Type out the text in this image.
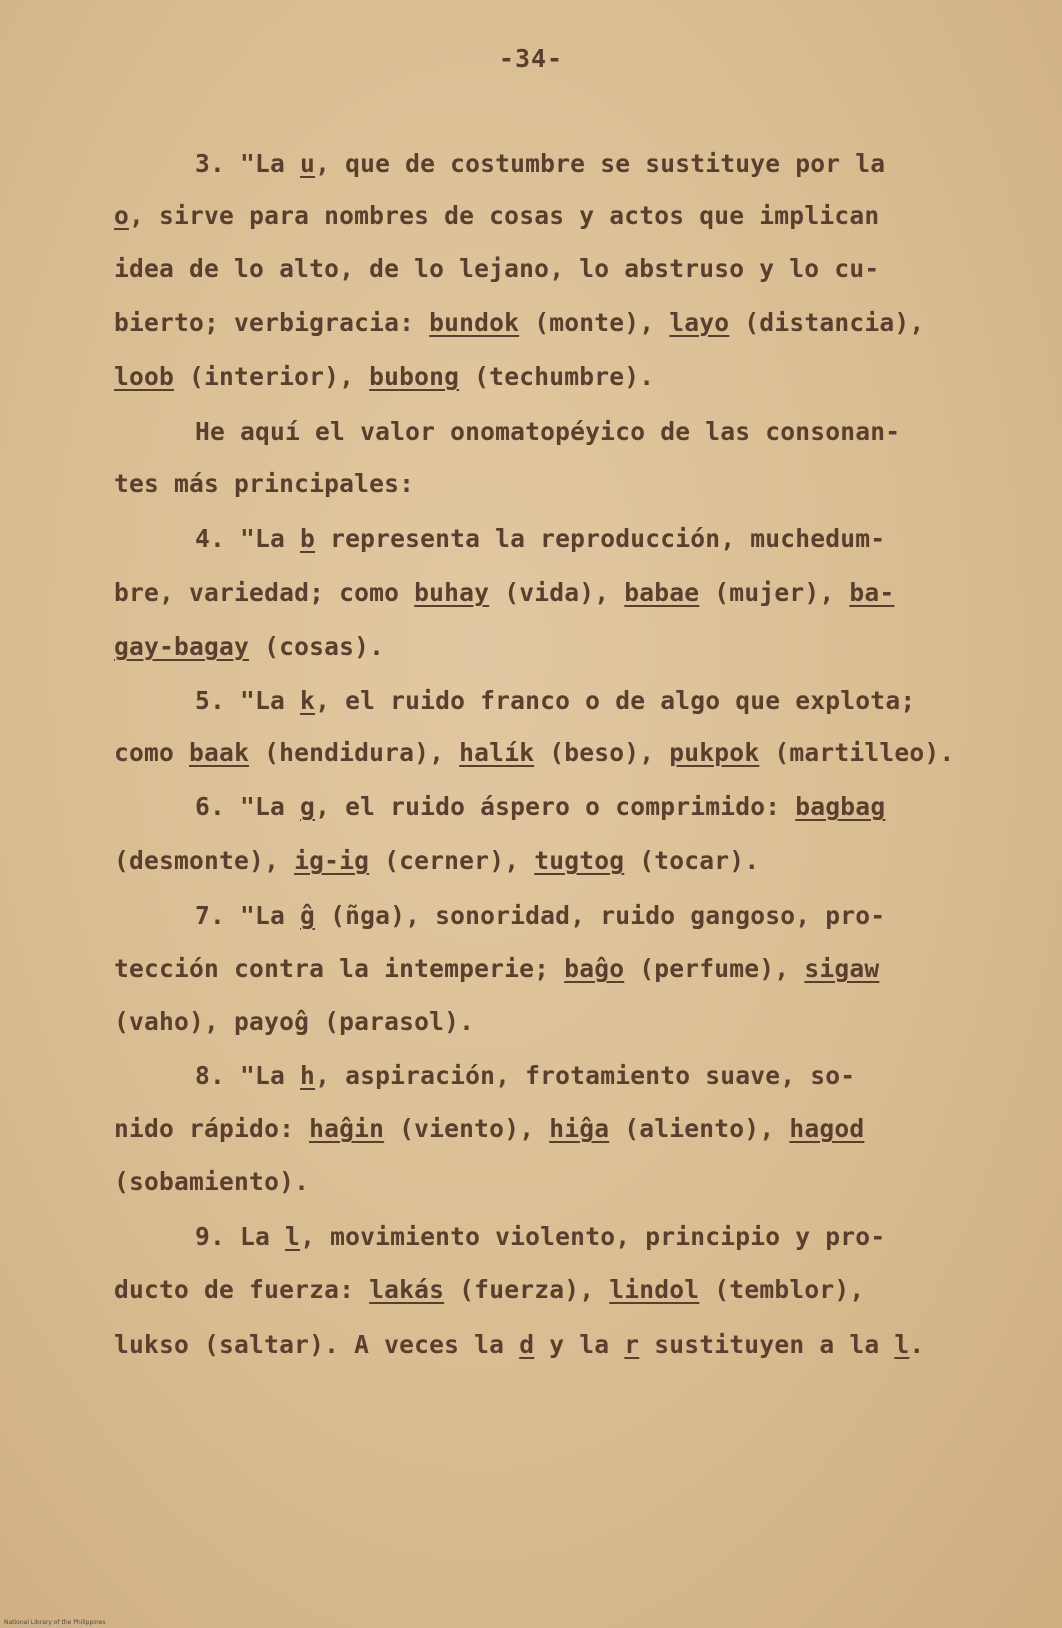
-34-
3. "La u, que de costumbre se sustituye por la
o, sirve para nombres de cosas y actos que implican
idea de lo alto, de lo lejano, lo abstruso y lo cu-
bierto; verbigracia: bundok (monte), layo (distancia),
loob (interior), bubong (techumbre).
He aquí el valor onomatopéyico de las consonan-
tes más principales:
4. "La b representa la reproducción, muchedum-
bre, variedad; como buhay (vida), babae (mujer), ba-
gay-bagay (cosas).
5. "La k, el ruido franco o de algo que explota;
como baak (hendidura), halík (beso), pukpok (martilleo).
6. "La g, el ruido áspero o comprimido: bagbag
(desmonte), ig-ig (cerner), tugtog (tocar).
7. "La ĝ (ñga), sonoridad, ruido gangoso, pro-
tección contra la intemperie; baĝo (perfume), sigaw
(vaho), payoĝ (parasol).
8. "La h, aspiración, frotamiento suave, so-
nido rápido: haĝin (viento), hiĝa (aliento), hagod
(sobamiento).
9. La l, movimiento violento, principio y pro-
ducto de fuerza: lakás (fuerza), lindol (temblor),
lukso (saltar). A veces la d y la r sustituyen a la l.
National Library of the Philippines
